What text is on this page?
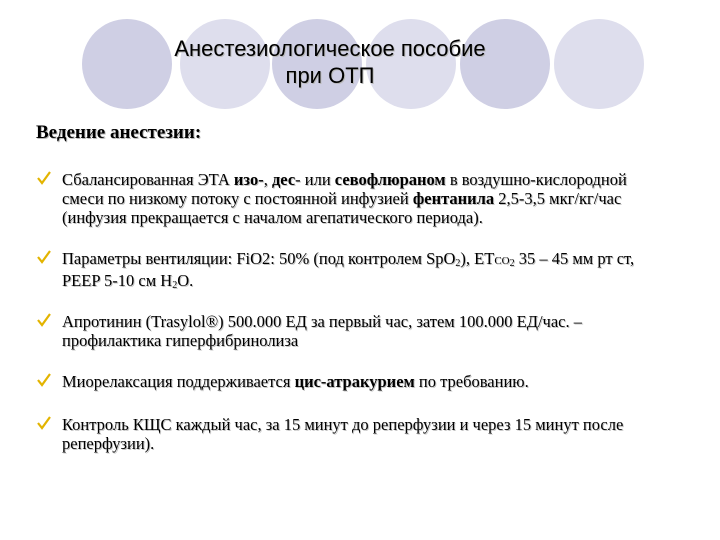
Анестезиологическое пособие
при ОТП
Ведение анестезии:
Сбалансированная ЭТА изо-, дес- или севофлюраном в воздушно-кислородной смеси по низкому потоку с постоянной инфузией фентанила 2,5-3,5 мкг/кг/час (инфузия прекращается с началом агепатического периода).
Параметры вентиляции: FiO2: 50% (под контролем SpO$_2$), $ЕТСО_2$ 35 – 45 мм рт ст, PEEP 5-10 см $Н_2О$.
Апротинин (Trasylol®) 500.000 ЕД за первый час, затем 100.000 ЕД/час. – профилактика гиперфибринолиза
Миорелаксация поддерживается цис-атракурием по требованию.
Контроль КЩС каждый час, за 15 минут до реперфузии и через 15 минут после реперфузии).
